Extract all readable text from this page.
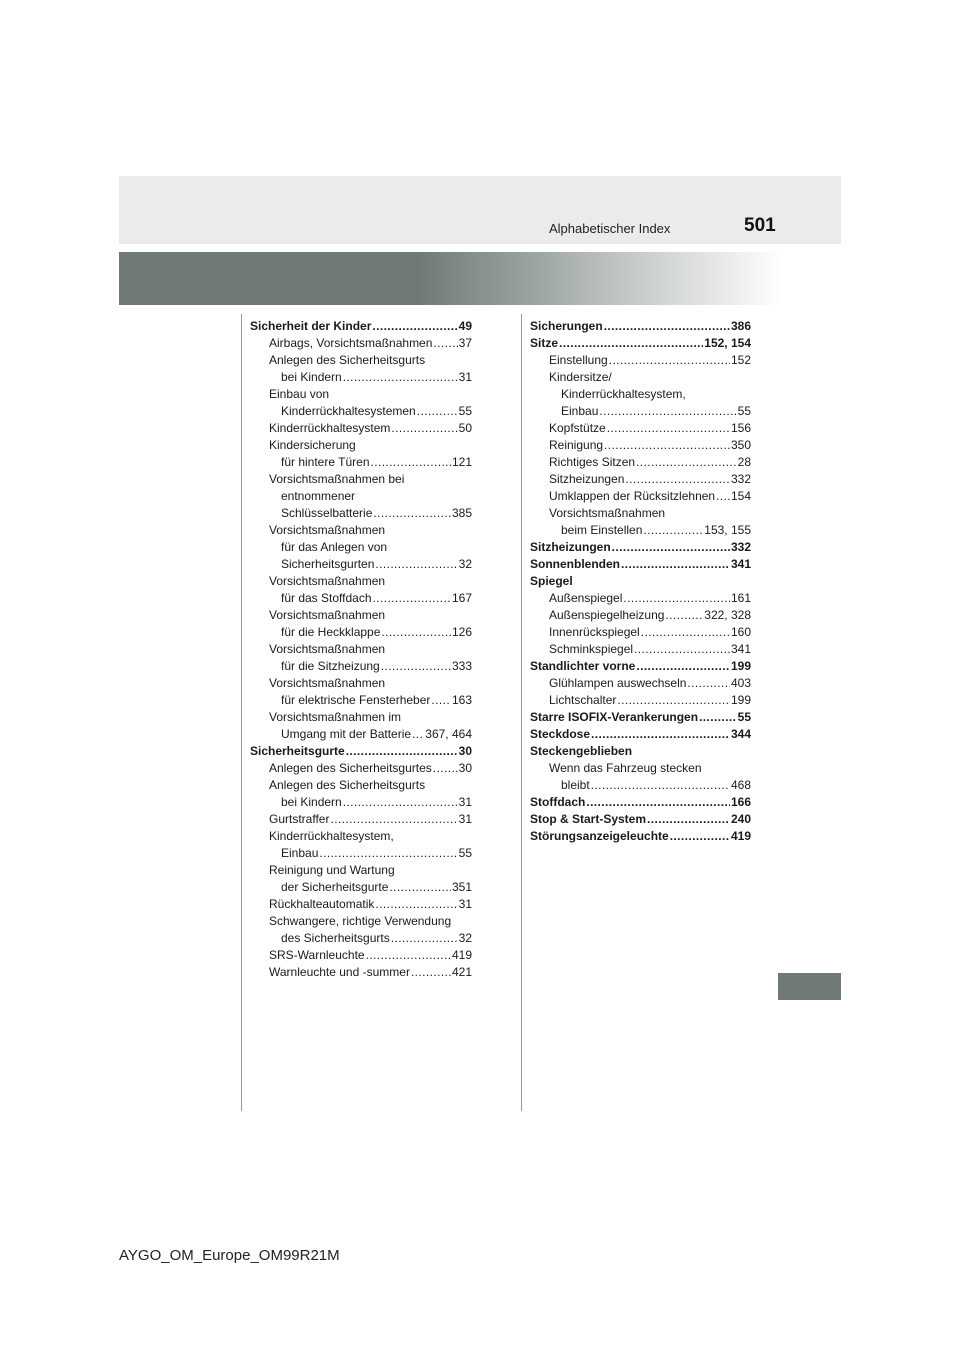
Alphabetischer Index	501
Sicherheit der Kinder .....	49
Airbags, Vorsichtsmaßnahmen ..... 37
Anlegen des Sicherheitsgurts
bei Kindern .....	31
Einbau von
Kinderrückhaltesystemen .....	55
Kinderrückhaltesystem .....	50
Kindersicherung
für hintere Türen .....	121
Vorsichtsmaßnahmen bei
entnommener
Schlüsselbatterie .....	385
Vorsichtsmaßnahmen
für das Anlegen von
Sicherheitsgurten .....	32
Vorsichtsmaßnahmen
für das Stoffdach .....	167
Vorsichtsmaßnahmen
für die Heckklappe .....	126
Vorsichtsmaßnahmen
für die Sitzheizung .....	333
Vorsichtsmaßnahmen
für elektrische Fensterheber ..... 163
Vorsichtsmaßnahmen im
Umgang mit der Batterie ..... 367, 464
Sicherheitsgurte .....	30
Anlegen des Sicherheitsgurtes ..... 30
Anlegen des Sicherheitsgurts
bei Kindern .....	31
Gurtstraffer .....	31
Kinderrückhaltesystem,
Einbau .....	55
Reinigung und Wartung
der Sicherheitsgurte .....	351
Rückhalteautomatik .....	31
Schwangere, richtige Verwendung
des Sicherheitsgurts .....	32
SRS-Warnleuchte .....	419
Warnleuchte und -summer .....	421
Sicherungen .....	386
Sitze .....	152, 154
Einstellung .....	152
Kindersitze/
Kinderrückhaltesystem,
Einbau .....	55
Kopfstütze .....	156
Reinigung .....	350
Richtiges Sitzen .....	28
Sitzheizungen .....	332
Umklappen der Rücksitzlehnen ..... 154
Vorsichtsmaßnahmen
beim Einstellen .....	153, 155
Sitzheizungen .....	332
Sonnenblenden .....	341
Spiegel
Außenspiegel .....	161
Außenspiegelheizung .....	322, 328
Innenrückspiegel .....	160
Schminkspiegel .....	341
Standlichter vorne .....	199
Glühlampen auswechseln .....	403
Lichtschalter .....	199
Starre ISOFIX-Verankerungen .....	55
Steckdose .....	344
Steckengeblieben
Wenn das Fahrzeug stecken
bleibt .....	468
Stoffdach .....	166
Stop & Start-System .....	240
Störungsanzeigeleuchte .....	419
AYGO_OM_Europe_OM99R21M
